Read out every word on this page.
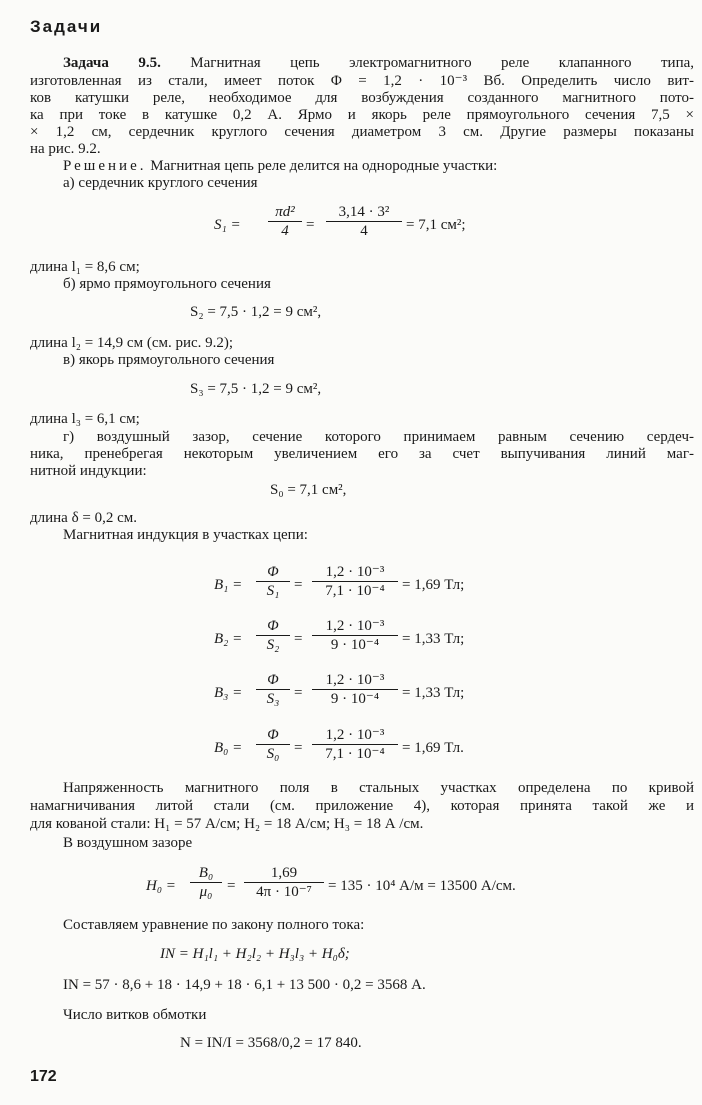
Задачи
Задача 9.5. Магнитная цепь электромагнитного реле клапанного типа,
изготовленная из стали, имеет поток Φ = 1,2 · 10⁻³ Вб. Определить число вит-
ков катушки реле, необходимое для возбуждения созданного магнитного пото-
ка при токе в катушке 0,2 А. Ярмо и якорь реле прямоугольного сечения 7,5 ×
× 1,2 см, сердечник круглого сечения диаметром 3 см. Другие размеры показаны
на рис. 9.2.
Решение. Магнитная цепь реле делится на однородные участки:
а) сердечник круглого сечения
$S_1 = \frac{\text{πd²}}{4} = \frac{\text{3,14 · 3²}}{4} = 7,1$ см²;
длина l₁ = 8,6 см;
б) ярмо прямоугольного сечения
S₂ = 7,5 · 1,2 = 9 см²,
длина l₂ = 14,9 см (см. рис. 9.2);
в) якорь прямоугольного сечения
S₃ = 7,5 · 1,2 = 9 см²,
длина l₃ = 6,1 см;
г) воздушный зазор, сечение которого принимаем равным сечению сердеч-
ника, пренебрегая некоторым увеличением его за счет выпучивания линий маг-
нитной индукции:
S₀ = 7,1 см²,
длина δ = 0,2 см.
Магнитная индукция в участках цепи:
$B_1 = \frac{\Phi}{\text{S₁}} = \frac{\text{1,2 · 10⁻³}}{\text{7,1 · 10⁻⁴}} = 1,69$ Тл;
$B_2 = \frac{\Phi}{\text{S₂}} = \frac{\text{1,2 · 10⁻³}}{\text{9 · 10⁻⁴}} = 1,33$ Тл;
$B_3 = \frac{\Phi}{\text{S₃}} = \frac{\text{1,2 · 10⁻³}}{\text{9 · 10⁻⁴}} = 1,33$ Тл;
$B_0 = \frac{\Phi}{\text{S₀}} = \frac{\text{1,2 · 10⁻³}}{\text{7,1 · 10⁻⁴}} = 1,69$ Тл.
Напряженность магнитного поля в стальных участках определена по кривой
намагничивания литой стали (см. приложение 4), которая принята такой же и
для кованой стали: H₁ = 57 А/см; H₂ = 18 А/см; H₃ = 18 А /см.
В воздушном зазоре
$H_0 = \frac{\text{B₀}}{\text{μ₀}} = \frac{1,69}{\text{4π · 10⁻⁷}} = 135 \cdot 10^4$ А/м = 13500 А/см.
Составляем уравнение по закону полного тока:
IN = H₁l₁ + H₂l₂ + H₃l₃ + H₀δ;
IN = 57 · 8,6 + 18 · 14,9 + 18 · 6,1 + 13 500 · 0,2 = 3568 А.
Число витков обмотки
N = IN/I = 3568/0,2 = 17 840.
172
